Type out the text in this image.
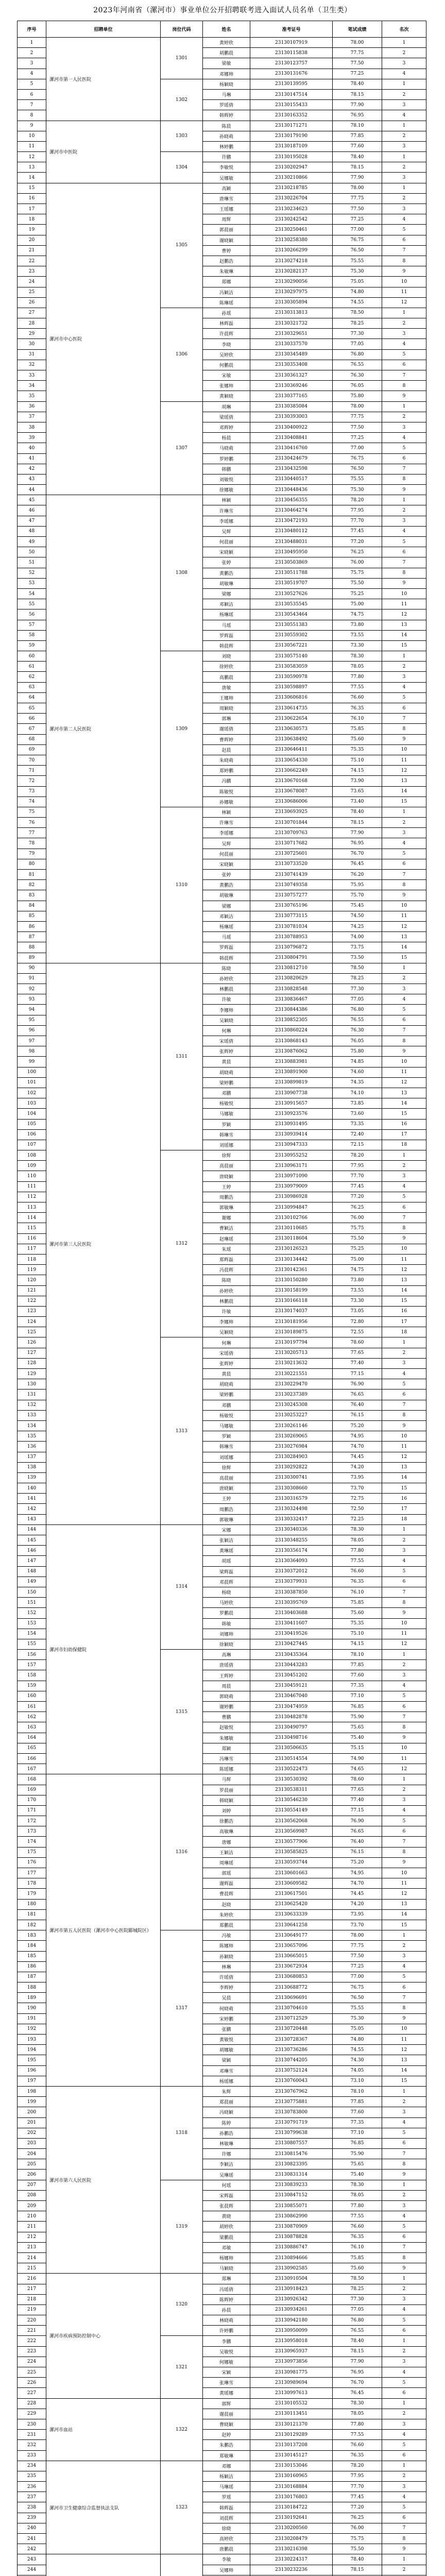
2023年河南省（漯河市）事业单位公开招聘联考进入面试人员名单（卫生类）
序号	招聘单位	岗位代码	姓名	准考证号	笔试成绩	名次
1	漯河市第一人民医院	1301	黄婷欣	23130107919	78.00	1
2			胡鹏晨	23130115838	77.75	2
3			梁敏	23130123757	77.50	3
4			邓娜帅	23130131676	77.25	4
5		1302	杨颖晓	23130139595	78.40	1
6			马琳	23130147514	78.15	2
7			罗瑶倩	23130155433	77.90	3
8			韩辉婷	23130163352	76.95	4
9	漯河市中医院	1303	陈晨	23130171271	78.10	1
10			孙晓萌	23130179190	77.85	2
11			林婷鹏	23130187109	77.60	3
12		1304	许鹏	23130195028	78.40	1
13			李敏悦	23130202947	78.15	2
14			吴娜敏	23130210866	77.90	3
15	漯河市中心医院	1305	高颖	23130218785	78.00	1
16			唐琳雪	23130226704	77.75	2
17			王瑶娜	23130234623	77.50	3
18			周辉	23130242542	77.25	4
19			郭晨丽	23130250461	77.00	5
20			谢晓颖	23130258380	76.75	6
21			曹婷	23130266299	76.50	7
22			赵鹏浩	23130274218	75.55	8
23			朱敏琳	23130282137	75.30	9
24			郑娜	23130290056	75.05	10
25			冯颖洁	23130297975	74.80	11
26			陈琳瑶	23130305894	74.55	12
27		1306	孙瑶	23130313813	78.50	1
28			林辉磊	23130321732	78.25	2
29			许晨辉	23130329651	77.30	3
30			李晓	23130337570	77.05	4
31			吴婷欣	23130345489	76.80	5
32			何鹏晨	23130353408	76.55	6
33			宋敏	23130361327	76.30	7
34			张娜帅	23130369246	76.05	8
35			黄颖晓	23130377165	75.80	9
36		1307	胡琳	23130385084	78.00	1
37			梁瑶倩	23130393003	77.75	2
38			邓辉婷	23130400922	77.50	3
39			杨晨	23130408841	77.25	4
40			马晓萌	23130416760	77.00	5
41			罗婷鹏	23130424679	76.75	6
42			韩鹏	23130432598	76.50	7
43			刘敏悦	23130440517	75.55	8
44			徐娜敏	23130448436	75.30	9
45	漯河市第二人民医院	1308	林颖	23130456355	78.20	1
46			许琳雪	23130464274	77.95	2
47			李瑶娜	23130472193	77.70	3
48			吴辉	23130480112	77.45	4
49			何晨丽	23130488031	77.20	5
50			宋晓颖	23130495950	76.25	6
51			张婷	23130503869	76.00	7
52			黄鹏浩	23130511788	75.75	8
53			胡敏琳	23130519707	75.50	9
54			梁娜	23130527626	75.25	10
55			邓颖洁	23130535545	75.00	11
56			杨琳瑶	23130543464	74.75	12
57			马瑶	23130551383	73.80	13
58			罗辉磊	23130559302	73.55	14
59			韩晨辉	23130567221	73.30	15
60		1309	刘晓	23130575140	78.30	1
61			徐婷欣	23130583059	78.05	2
62			高鹏晨	23130590978	77.80	3
63			唐敏	23130598897	77.55	4
64			王娜帅	23130606816	76.60	5
65			周颖晓	23130614735	76.35	6
66			郭琳	23130622654	76.10	7
67			谢瑶倩	23130630573	75.85	8
68			曹辉婷	23130638492	75.60	9
69			赵晨	23130646411	75.35	10
70			朱晓萌	23130654330	75.10	11
71			郑婷鹏	23130662249	74.15	12
72			冯鹏	23130670168	73.90	13
73			陈敏悦	23130678087	73.65	14
74			孙娜敏	23130686006	73.40	15
75		1310	林颖	23130693925	78.40	1
76			许琳雪	23130701844	78.15	2
77			李瑶娜	23130709763	77.90	3
78			吴辉	23130717682	76.95	4
79			何晨丽	23130725601	76.70	5
80			宋晓颖	23130733520	76.45	6
81			张婷	23130741439	76.20	7
82			黄鹏浩	23130749358	75.95	8
83			胡敏琳	23130757277	75.70	9
84			梁娜	23130765196	75.45	10
85			邓颖洁	23130773115	74.50	11
86			杨琳瑶	23130781034	74.25	12
87			马瑶	23130788953	74.00	13
88			罗辉磊	23130796872	73.75	14
89			韩晨辉	23130804791	73.50	15
90	漯河市第三人民医院	1311	陈晓	23130812710	78.50	1
91			孙婷欣	23130820629	78.25	2
92			林鹏晨	23130828548	77.30	3
93			许敏	23130836467	77.05	4
94			李娜帅	23130844386	76.80	5
95			吴颖晓	23130852305	76.55	6
96			何琳	23130860224	76.30	7
97			宋瑶倩	23130868143	76.05	8
98			张辉婷	23130876062	75.80	9
99			黄晨	23130883981	74.85	10
100			胡晓萌	23130891900	74.60	11
101			梁婷鹏	23130899819	74.35	12
102			邓鹏	23130907738	74.10	13
103			杨敏悦	23130915657	73.85	14
104			马娜敏	23130923576	73.60	15
105			罗颖	23130931495	73.35	16
106			韩琳雪	23130939414	72.40	17
107			刘瑶娜	23130947333	72.15	18
108		1312	徐辉	23130955252	78.20	1
109			高晨丽	23130963171	77.95	2
110			唐晓颖	23130971090	77.70	3
111			王婷	23130979009	77.45	4
112			周鹏浩	23130986928	77.20	5
113			郭敏琳	23130994847	76.25	6
114			谢娜	23130102766	76.00	7
115			曹颖洁	23130110685	75.75	8
116			赵琳瑶	23130118604	75.50	9
117			朱瑶	23130126523	75.25	10
118			郑辉磊	23130134442	75.00	11
119			冯晨辉	23130142361	74.75	12
120			陈晓	23130150280	73.80	13
121			孙婷欣	23130158199	73.55	14
122			林鹏晨	23130166118	73.30	15
123			许敏	23130174037	73.05	16
124			李娜帅	23130181956	72.80	17
125			吴颖晓	23130189875	72.55	18
126		1313	何琳	23130197794	78.60	1
127			宋瑶倩	23130205713	77.65	2
128			张辉婷	23130213632	77.40	3
129			黄晨	23130221551	77.15	4
130			胡晓萌	23130229470	76.90	5
131			梁婷鹏	23130237389	76.65	6
132			邓鹏	23130245308	76.40	7
133			杨敏悦	23130253227	76.15	8
134			马娜敏	23130261146	75.20	9
135			罗颖	23130269065	74.95	10
136			韩琳雪	23130276984	74.70	11
137			刘瑶娜	23130284903	74.45	12
138			徐辉	23130292822	74.20	13
139			高晨丽	23130300741	73.95	14
140			唐晓颖	23130308660	73.70	15
141			王婷	23130316579	72.75	16
142			周鹏浩	23130324498	72.50	17
143			郭敏琳	23130332417	72.25	18
144	漯河市妇幼保健院	1314	宋娜	23130340336	78.30	1
145			张颖洁	23130348255	78.05	2
146			黄琳瑶	23130356174	77.80	3
147			胡瑶	23130364093	77.55	4
148			梁辉磊	23130372012	76.60	5
149			邓晨辉	23130379931	76.35	6
150			杨晓	23130387850	76.10	7
151			马婷欣	23130395769	75.85	8
152			罗鹏晨	23130403688	75.60	9
153			韩敏	23130411607	75.35	10
154			刘娜帅	23130419526	75.10	11
155			徐颖晓	23130427445	74.15	12
156		1315	高琳	23130435364	78.10	1
157			唐瑶倩	23130443283	77.85	2
158			王辉婷	23130451202	77.60	3
159			周晨	23130459121	77.35	4
160			郭晓萌	23130467040	77.10	5
161			谢婷鹏	23130474959	76.85	6
162			曹鹏	23130482878	75.90	7
163			赵敏悦	23130490797	75.65	8
164			朱娜敏	23130498716	75.40	9
165			郑颖	23130506635	75.15	10
166			冯琳雪	23130514554	74.90	11
167			陈瑶娜	23130522473	74.65	12
168	漯河市第五人民医院（漯河市中心医院郾城院区）	1316	马辉	23130530392	78.60	1
169			罗晨丽	23130538311	77.65	2
170			韩晓颖	23130546230	77.40	3
171			刘婷	23130554149	77.15	4
172			徐鹏浩	23130562068	76.90	5
173			高敏琳	23130569987	76.65	6
174			唐娜	23130577906	76.40	7
175			王颖洁	23130585825	76.15	8
176			周琳瑶	23130593744	75.20	9
177			郭瑶	23130601663	74.95	10
178			谢辉磊	23130609582	74.70	11
179			曹晨辉	23130617501	74.45	12
180			赵晓	23130625420	74.20	13
181			朱婷欣	23130633339	73.95	14
182			郑鹏晨	23130641258	73.70	15
183		1317	冯敏	23130649177	78.00	1
184			陈娜帅	23130657096	77.75	2
185			孙颖晓	23130665015	77.50	3
186			林琳	23130672934	77.25	4
187			许瑶倩	23130680853	77.00	5
188			李辉婷	23130688772	76.75	6
189			吴晨	23130696691	76.50	7
190			何晓萌	23130704610	75.55	8
191			宋婷鹏	23130712529	75.30	9
192			张鹏	23130720448	75.05	10
193			黄敏悦	23130728367	74.80	11
194			胡娜敏	23130736286	74.55	12
195			梁颖	23130744205	74.30	13
196			邓琳雪	23130752124	74.05	14
197			杨瑶娜	23130760043	73.10	15
198	漯河市第六人民医院	1318	朱辉	23130767962	78.10	1
199			郑晨丽	23130775881	77.85	2
200			冯晓颖	23130783800	77.60	3
201			陈婷	23130791719	77.35	4
202			孙鹏浩	23130799638	77.10	5
203			林敏琳	23130807557	76.85	6
204			许娜	23130815476	75.90	7
205			李颖洁	23130823395	75.65	8
206			吴琳瑶	23130831314	75.40	9
207		1319	何瑶	23130839233	78.30	1
208			宋辉磊	23130847152	78.05	2
209			张晨辉	23130855071	77.80	3
210			黄晓	23130862990	77.55	4
211			胡婷欣	23130870909	76.60	5
212			梁鹏晨	23130878828	76.35	6
213			邓敏	23130886747	76.10	7
214			杨娜帅	23130894666	75.85	8
215			马颖晓	23130902585	75.60	9
216	漯河市疾病预防控制中心	1320	郑琳	23130910504	78.50	1
217			冯瑶倩	23130918423	78.25	2
218			陈辉婷	23130926342	77.30	3
219			孙晨	23130934261	77.05	4
220			林晓萌	23130942180	76.80	5
221			许婷鹏	23130950099	76.55	6
222		1321	李鹏	23130958018	78.40	1
223			吴敏悦	23130965937	78.15	2
224			何娜敏	23130973856	77.90	3
225			宋颖	23130981775	76.95	4
226			张琳雪	23130989694	76.70	5
227			黄瑶娜	23130997613	76.45	6
228	漯河市血站	1322	郭辉	23130105532	78.30	1
229			谢晨丽	23130113451	78.05	2
230			曹晓颖	23130121370	77.80	3
231			赵婷	23130129289	77.55	4
232			朱鹏浩	23130137208	76.60	5
233			郑敏琳	23130145127	76.35	6
234	漯河市卫生健康综合监督执法支队	1323	邓娜	23130153046	78.20	1
235			杨颖洁	23130160965	77.95	2
236			马琳瑶	23130168884	77.70	3
237			罗瑶	23130176803	77.45	4
238			韩辉磊	23130184722	77.20	5
239			刘晨辉	23130192641	76.25	6
240			徐晓	23130200560	76.00	7
241			高婷欣	23130208479	75.75	8
242			唐鹏晨	23130216398	75.50	9
243			李敏	23130224317	78.40	1
244			吴娜帅	23130232236	78.15	2
